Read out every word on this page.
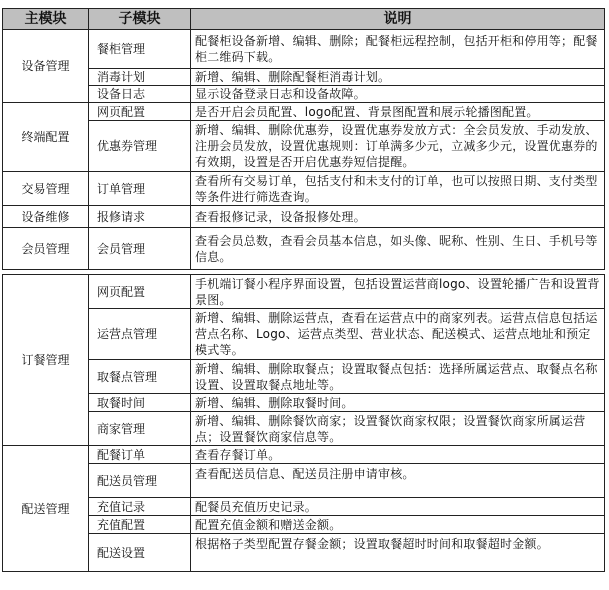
主模块	子模块	说明
设备管理	餐柜管理	配餐柜设备新增、编辑、删除；配餐柜远程控制，包括开柜和停用等；配餐柜二维码下载。
	消毒计划	新增、编辑、删除配餐柜消毒计划。
	设备日志	显示设备登录日志和设备故障。
终端配置	网页配置	是否开启会员配置、logo配置、背景图配置和展示轮播图配置。
	优惠券管理	新增、编辑、删除优惠券，设置优惠券发放方式：全会员发放、手动发放、注册会员发放，设置优惠规则：订单满多少元，立减多少元，设置优惠券的有效期，设置是否开启优惠券短信提醒。
交易管理	订单管理	查看所有交易订单，包括支付和未支付的订单，也可以按照日期、支付类型等条件进行筛选查询。
设备维修	报修请求	查看报修记录，设备报修处理。
会员管理	会员管理	查看会员总数，查看会员基本信息，如头像、昵称、性别、生日、手机号等信息。
订餐管理	网页配置	手机端订餐小程序界面设置，包括设置运营商logo、设置轮播广告和设置背景图。
	运营点管理	新增、编辑、删除运营点，查看在运营点中的商家列表。运营点信息包括运营点名称、Logo、运营点类型、营业状态、配送模式、运营点地址和预定模式等。
	取餐点管理	新增、编辑、删除取餐点；设置取餐点包括：选择所属运营点、取餐点名称设置、设置取餐点地址等。
	取餐时间	新增、编辑、删除取餐时间。
	商家管理	新增、编辑、删除餐饮商家；设置餐饮商家权限；设置餐饮商家所属运营点；设置餐饮商家信息等。
配送管理	配餐订单	查看存餐订单。
	配送员管理	查看配送员信息、配送员注册申请审核。
	充值记录	配餐员充值历史记录。
	充值配置	配置充值金额和赠送金额。
	配送设置	根据格子类型配置存餐金额；设置取餐超时时间和取餐超时金额。
